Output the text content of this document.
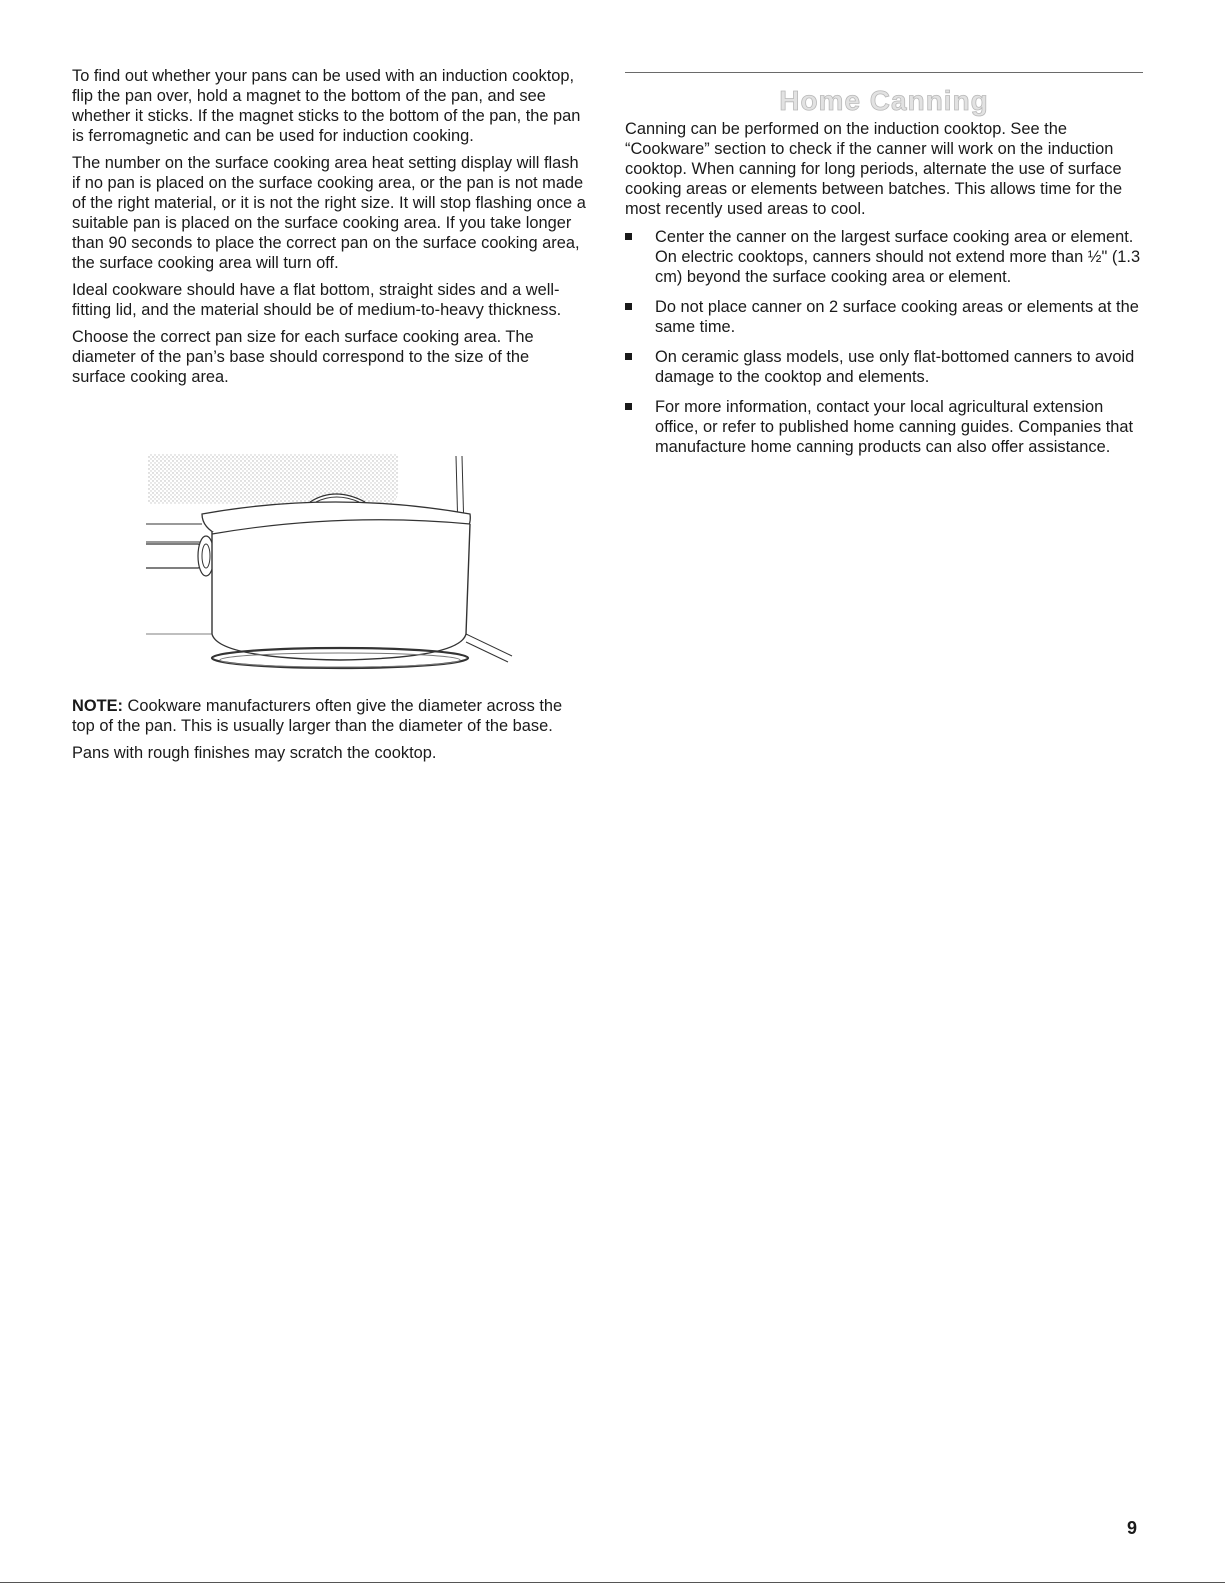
To find out whether your pans can be used with an induction cooktop, flip the pan over, hold a magnet to the bottom of the pan, and see whether it sticks. If the magnet sticks to the bottom of the pan, the pan is ferromagnetic and can be used for induction cooking.

The number on the surface cooking area heat setting display will flash if no pan is placed on the surface cooking area, or the pan is not made of the right material, or it is not the right size. It will stop flashing once a suitable pan is placed on the surface cooking area. If you take longer than 90 seconds to place the correct pan on the surface cooking area, the surface cooking area will turn off.

Ideal cookware should have a flat bottom, straight sides and a well-fitting lid, and the material should be of medium-to-heavy thickness.

Choose the correct pan size for each surface cooking area. The diameter of the pan’s base should correspond to the size of the surface cooking area.

NOTE: Cookware manufacturers often give the diameter across the top of the pan. This is usually larger than the diameter of the base.

Pans with rough finishes may scratch the cooktop.

Home Canning

Canning can be performed on the induction cooktop. See the “Cookware” section to check if the canner will work on the induction cooktop. When canning for long periods, alternate the use of surface cooking areas or elements between batches. This allows time for the most recently used areas to cool.

Center the canner on the largest surface cooking area or element. On electric cooktops, canners should not extend more than ½" (1.3 cm) beyond the surface cooking area or element.
Do not place canner on 2 surface cooking areas or elements at the same time.
On ceramic glass models, use only flat-bottomed canners to avoid damage to the cooktop and elements.
For more information, contact your local agricultural extension office, or refer to published home canning guides. Companies that manufacture home canning products can also offer assistance.
9
